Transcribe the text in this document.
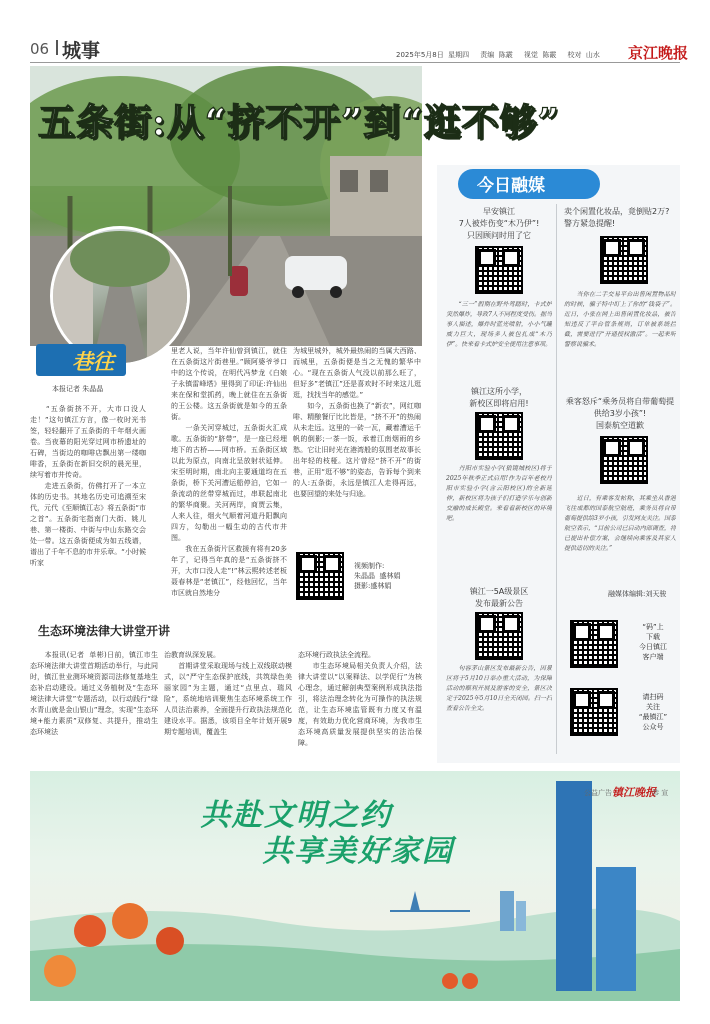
06 城事	2025年5月8日  星期四     责编  陈霰     视觉  陈霰     校对  山水 京江晚报
五条街:从“挤不开”到“逛不够”
巷往
本报记者 朱晶晶
　　“五条街挤不开，大市口没人走！”这句镇江方言，像一枚时光书签，轻轻翻开了五条街的千年烟火画卷。当夜幕的阳光穿过网市桥遗址的石碑，当街边的咖啡店飘出第一缕咖啡香，五条街在新旧交织的晨光里，续写着市井传奇。
　　走进五条街，仿佛打开了一本立体的历史书。其地名历史可追溯至宋代，元代《至顺镇江志》将五条街“市之首”。五条街宅指南门大街、姚儿巷、第一楼街、中街与中山东路交会处一带。这五条街便成为如五线谱，谱出了千年不息的市井乐章。“小时候听家
里老人说，当年许仙曾到镇江，就住在五条街这片街巷里。”顾阿婆爷爷口中的这个传说，在明代冯梦龙《白娘子永镇雷峰塔》里得到了印证:许仙出来在保和堂抓药，晚上就住在五条街的王公楼。这五条街就是如今的五条街。
　　一条关河穿城过，五条街火汇成歌。五条街的“脐带”，是一座已经埋地下的古桥——网市桥。五条街区域以此为原点，向南北呈放射状延伸。宋至明时期，南北向主要通道均在五条街，桥下关河漕运船停泊，它如一条流动的丝带穿城而过，串联起南北的繁华商聚。关河两岸，商贾云集，人来人往，烟火气顺着河道丹阳飘向四方，勾勒出一幅生动的古代市井图。
　　我在五条街片区救援有将有20多年了，记得当年真的是“五条街挤不开，大市口没人走”!”林云熙转述老板聂春林是“老镇江”，经他回忆，当年市区就自然地分
为城里城外，城外最热闹的当属大西路、而城里，五条街便是当之无愧的繁华中心。“现在五条街人气没以前那么旺了，但好多”老镇江”还是喜欢时不时来这儿逛逛，找找当年的感觉。”
　　如今，五条街也换了“新衣”，网红咖啡、精酿餐厅比比皆是，“挤不开”的热闹从未走远。这里的一砖一瓦，藏着漕运千帆的倒影;一茶一饭，承着江南烟雨的乡愁。它让旧时光在港湾般的氛围老故事长出年轻的枝桠。这片曾经“挤不开”的街巷，正用“逛不够”的姿态，告诉每个到来的人:五条街，永远是镇江人走得再远，也要回望的来处与归途。
视频制作:
朱晶晶  盛林娟
摄影:盛林娟
生态环境法律大讲堂开讲
　　本报讯(记者  单彬)日前，镇江市生态环境法律大讲堂首期活动举行，与此同时，镇江世业测环境资源司法修复基地生态补启动建设。通过义务植树及“生态环境法律大讲堂”专题活动，以行动践行“绿水青山就是金山银山”理念，实现“生态环境+能力素质”双修复、共提升，推动生态环境法
治教育纵深发展。
　　首期讲堂采取现场与线上双线联动模式，以“严守生态保护底线，共筑绿色美丽家园”为主题，通过“点里点、瑞风险”，系统地培训聚焦生态环境系统工作人员法治素养，全面提升行政执法规范化建设水平。据悉，该项目全年计划开展9期专题培训，覆盖生
态环境行政执法全流程。
　　市生态环境局相关负责人介绍，法律大讲堂以“以案释法、以学促行”为核心理念，通过解剖典型案例形成执法指引，将法治理念转化为可操作的执法规范，让生态环境监管既有力度又有温度，有效助力优化营商环境，为我市生态环境高质量发展提供坚实的法治保障。
今日融媒
早安镇江
7人被炸伤变“木乃伊”!
只因顾问时用了它
　　“三一”假期在野外驾踏时，卡式炉突然爆炸，导致7人不同程度受伤。据当事人描述，爆炸时蓝光喷射，小小气罐威力巨大，现场多人被包扎成“木乃伊”。快来看卡式炉安全使用注意事项。
卖个闲置化妆品，竟倒贴2万?
警方紧急提醒!
　　当你在二手交易平台出售闲置物品时的时候，骗子特中盯上了你的“钱袋子”。近日，小张在网上出售闲置化妆品，被告知违反了平台管条规则，订单被系统拦截，需要进行“开通授权激活”。一起来听警察说骗术。
镇江这所小学，
新校区即将启用!
　　丹阳市实验小学(狼镜城校区)将于2025年秋季正式启用!作为百年老校丹阳市实验小学(含云阳校区)的全新延伸，新校区将为孩子们打造学乐与创新交融的成长殿堂。来看看新校区的环境吧。
乘客怒斥“乘务员将自带葡萄提供给3岁小孩”!
国泰航空道歉
　　近日，有乘客发帖称，其乘坐从香港飞往成都的国泰航空航班，乘务员将自带葡萄提供给3岁小孩，引发网友关注。国泰航空表示，“目前公司已启动内部调查，将已提出补偿方案，会继续向乘客及其家人提供适切的关注。”
融媒体编辑:刘天骏
镇江一5A级景区
发布最新公告
　　句容茅山景区发布最新公告，因景区将于5月10日举办重大活动，为保障活动的顺利开展及游客的安全，景区决定于2025年5月10日全天闭园。扫一扫查看公告全文。
“码”上
下载
今日镇江
客户端
请扫码
关注
“最镇江”
公众号
共赴文明之约
共享美好家园
公益广告 镇江晚报
恭 宣
